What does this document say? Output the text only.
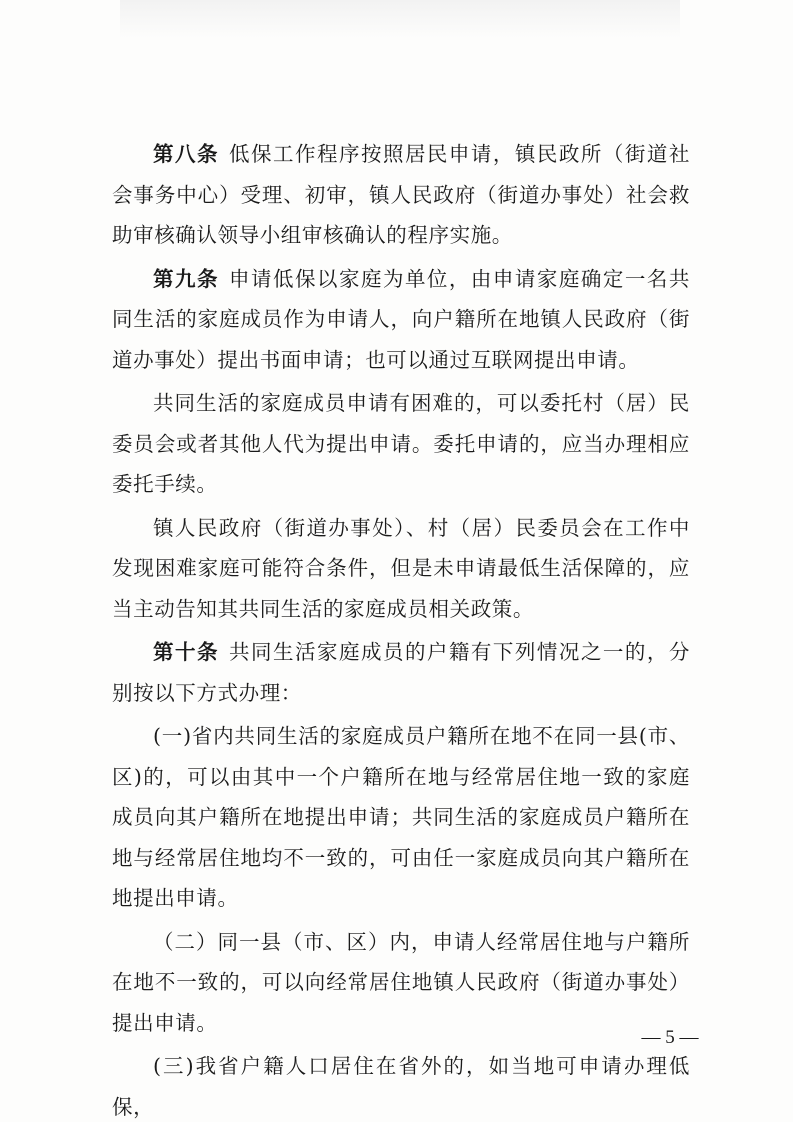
第八条 低保工作程序按照居民申请，镇民政所（街道社会事务中心）受理、初审，镇人民政府（街道办事处）社会救助审核确认领导小组审核确认的程序实施。

第九条 申请低保以家庭为单位，由申请家庭确定一名共同生活的家庭成员作为申请人，向户籍所在地镇人民政府（街道办事处）提出书面申请；也可以通过互联网提出申请。

共同生活的家庭成员申请有困难的，可以委托村（居）民委员会或者其他人代为提出申请。委托申请的，应当办理相应委托手续。

镇人民政府（街道办事处）、村（居）民委员会在工作中发现困难家庭可能符合条件，但是未申请最低生活保障的，应当主动告知其共同生活的家庭成员相关政策。

第十条 共同生活家庭成员的户籍有下列情况之一的，分别按以下方式办理：

(一)省内共同生活的家庭成员户籍所在地不在同一县(市、区)的，可以由其中一个户籍所在地与经常居住地一致的家庭成员向其户籍所在地提出申请；共同生活的家庭成员户籍所在地与经常居住地均不一致的，可由任一家庭成员向其户籍所在地提出申请。

（二）同一县（市、区）内，申请人经常居住地与户籍所在地不一致的，可以向经常居住地镇人民政府（街道办事处）提出申请。

(三)我省户籍人口居住在省外的，如当地可申请办理低保，

— 5 —
